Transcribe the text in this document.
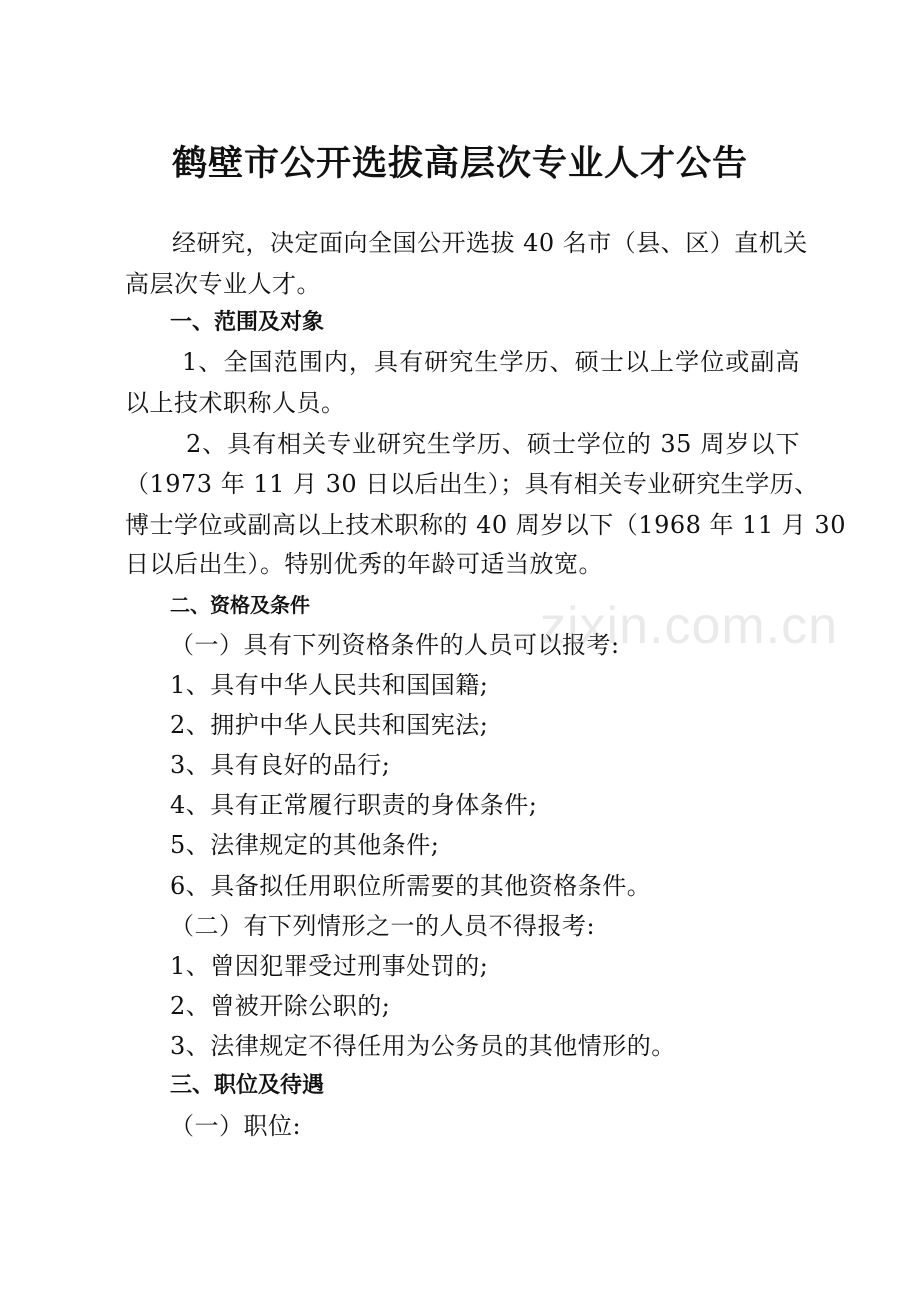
鹤壁市公开选拔高层次专业人才公告
经研究，决定面向全国公开选拔 40 名市（县、区）直机关
高层次专业人才。
一、范围及对象
1、全国范围内，具有研究生学历、硕士以上学位或副高
以上技术职称人员。
2、具有相关专业研究生学历、硕士学位的 35 周岁以下
（1973 年 11 月 30 日以后出生）；具有相关专业研究生学历、
博士学位或副高以上技术职称的 40 周岁以下（1968 年 11 月 30
日以后出生）。特别优秀的年龄可适当放宽。
二、资格及条件
（一）具有下列资格条件的人员可以报考:
1、具有中华人民共和国国籍;
2、拥护中华人民共和国宪法;
3、具有良好的品行;
4、具有正常履行职责的身体条件;
5、法律规定的其他条件;
6、具备拟任用职位所需要的其他资格条件。
（二）有下列情形之一的人员不得报考:
1、曾因犯罪受过刑事处罚的;
2、曾被开除公职的;
3、法律规定不得任用为公务员的其他情形的。
三、职位及待遇
（一）职位:
zixin.com.cn
